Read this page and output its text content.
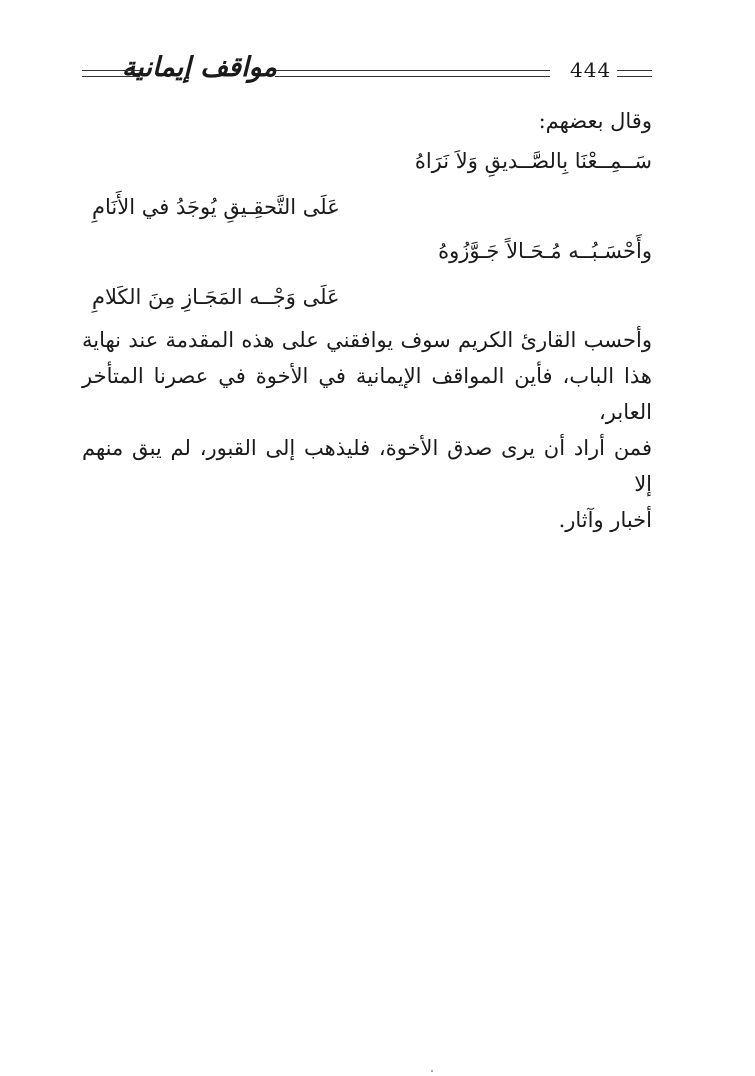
444
مواقف إيمانية

وقال بعضهم:

سَــمِــعْنَا بِالصَّــديقِ وَلاَ نَرَاهُ
عَلَى التَّحقِـيقِ يُوجَدُ في الأَنَامِ
وأَحْسَـبُــه مُـحَـالاً جَـوَّزُوهُ
عَلَى وَجْــه المَجَـازِ مِنَ الكَلامِ
وأحسب القارئ الكريم سوف يوافقني على هذه المقدمة عند نهاية
هذا الباب، فأين المواقف الإيمانية في الأخوة في عصرنا المتأخر العابر،
فمن أراد أن يرى صدق الأخوة، فليذهب إلى القبور، لم يبق منهم إلا
أخبار وآثار.
